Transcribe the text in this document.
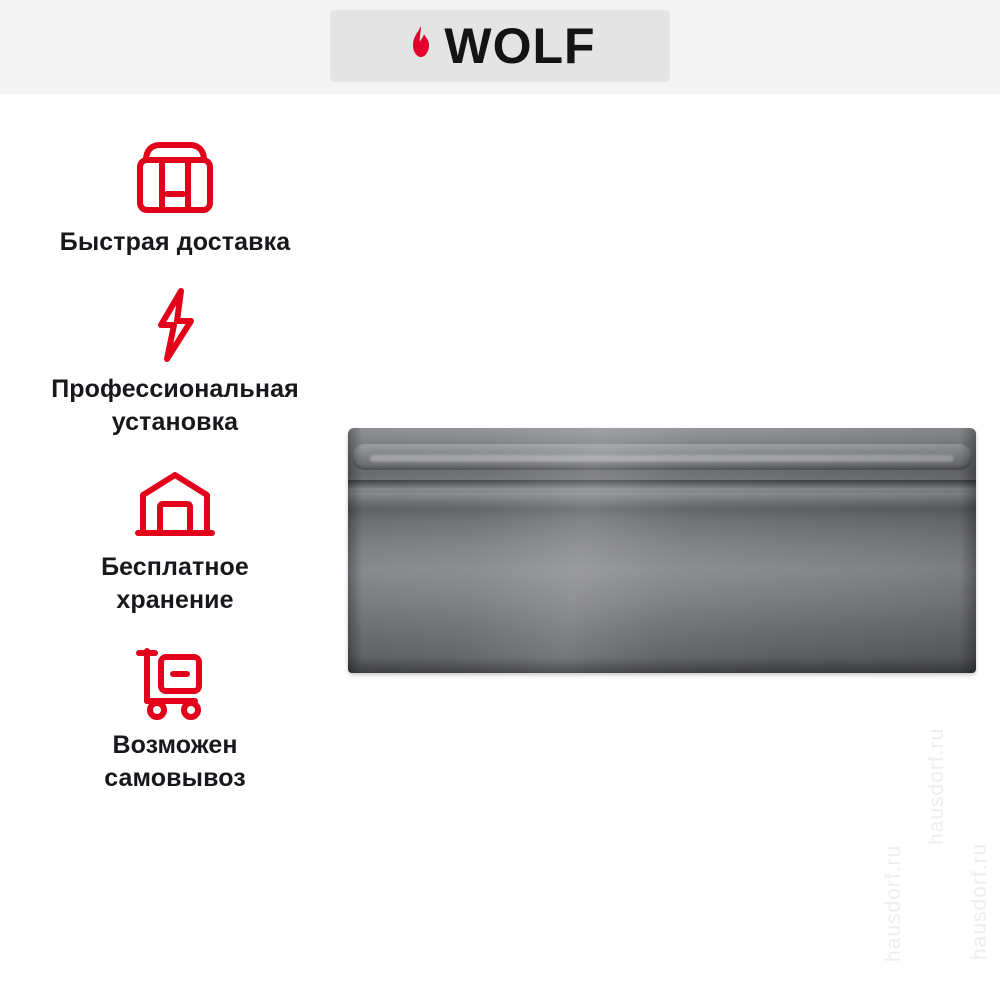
WOLF
Быстрая доставка
Профессиональная
установка
Бесплатное
хранение
Возможен
самовывоз
hausdorf.ru
hausdorf.ru
hausdorf.ru
